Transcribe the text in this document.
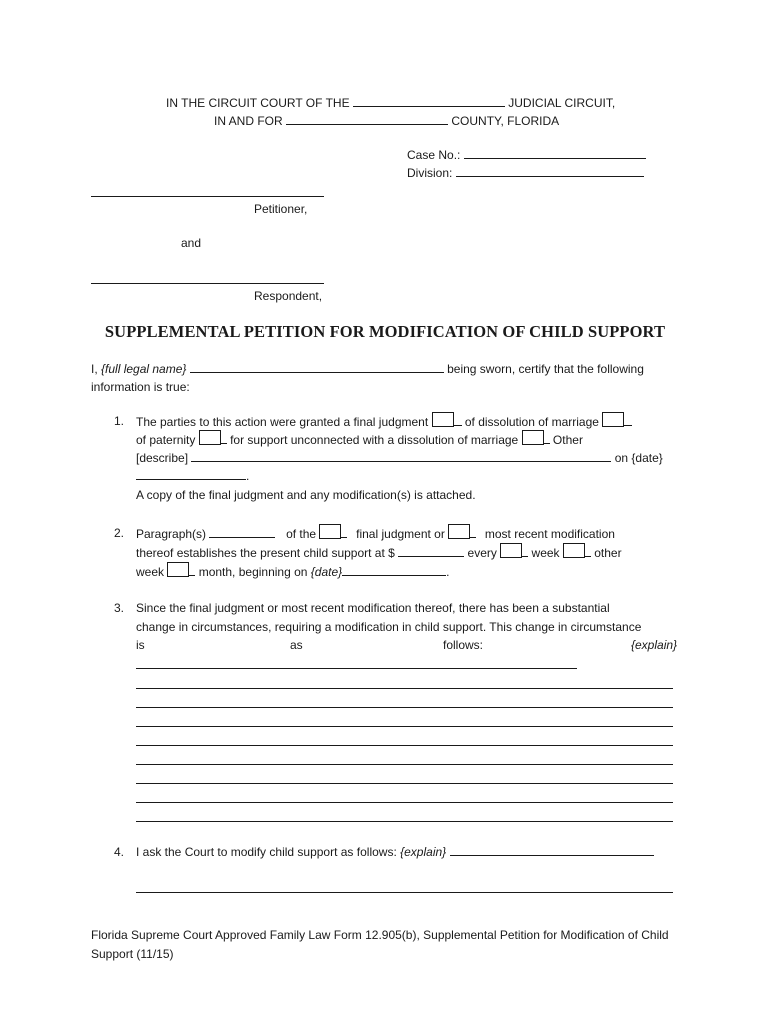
IN THE CIRCUIT COURT OF THE	JUDICIAL CIRCUIT,
IN AND FOR	COUNTY, FLORIDA
Case No.:
Division:
Petitioner,
and
Respondent,
SUPPLEMENTAL PETITION FOR MODIFICATION OF CHILD SUPPORT
I, {full legal name}	being sworn, certify that the following
information is true:
1. The parties to this action were granted a final judgment	of dissolution of marriage
of paternity	for support unconnected with a dissolution of marriage	Other
[describe]	on {date}
.
A copy of the final judgment and any modification(s) is attached.
2. Paragraph(s)	of the	final judgment or	most recent modification
thereof establishes the present child support at $	every	week	other
week	month, beginning on {date}	.
3. Since the final judgment or most recent modification thereof, there has been a substantial
change in circumstances, requiring a modification in child support. This change in circumstance
is	as	follows:	{explain}
4. I ask the Court to modify child support as follows: {explain}
Florida Supreme Court Approved Family Law Form 12.905(b), Supplemental Petition for Modification of Child Support (11/15)
